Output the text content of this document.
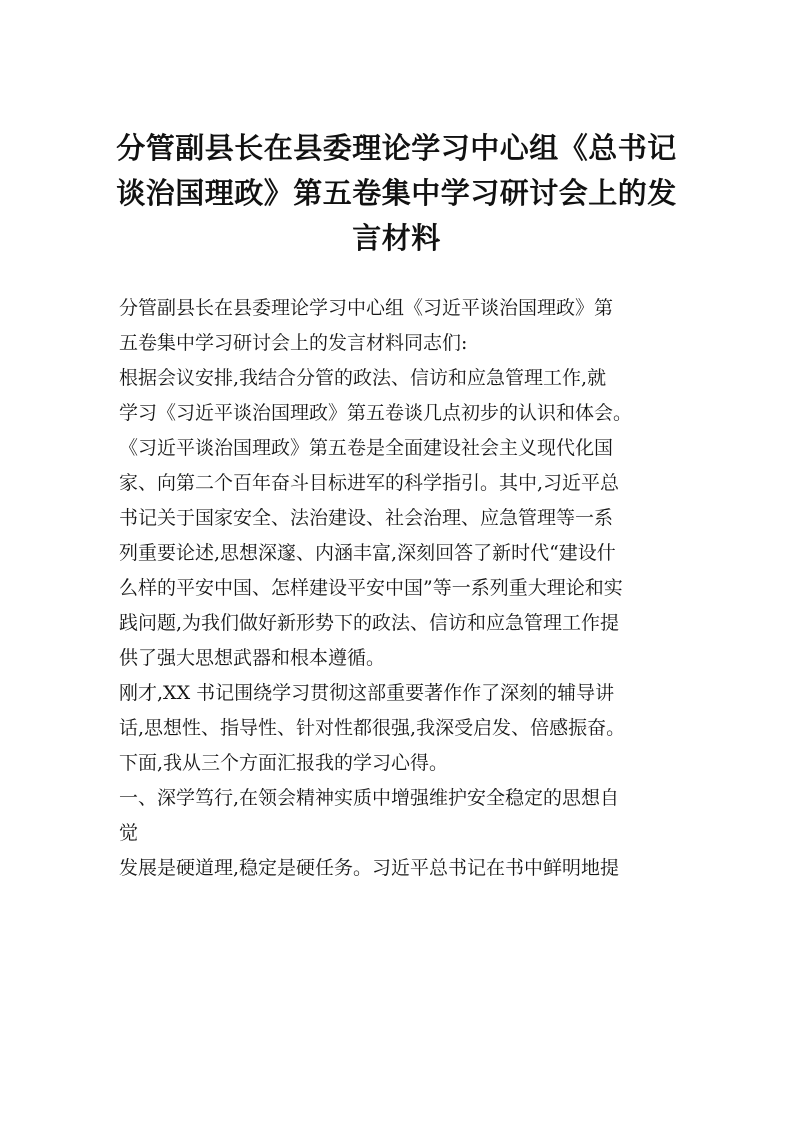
分管副县长在县委理论学习中心组《总书记
谈治国理政》第五卷集中学习研讨会上的发
言材料
分管副县长在县委理论学习中心组《习近平谈治国理政》第
五卷集中学习研讨会上的发言材料同志们:
根据会议安排,我结合分管的政法、信访和应急管理工作,就
学习《习近平谈治国理政》第五卷谈几点初步的认识和体会。
《习近平谈治国理政》第五卷是全面建设社会主义现代化国
家、向第二个百年奋斗目标进军的科学指引。其中,习近平总
书记关于国家安全、法治建设、社会治理、应急管理等一系
列重要论述,思想深邃、内涵丰富,深刻回答了新时代“建设什
么样的平安中国、怎样建设平安中国”等一系列重大理论和实
践问题,为我们做好新形势下的政法、信访和应急管理工作提
供了强大思想武器和根本遵循。
刚才,XX 书记围绕学习贯彻这部重要著作作了深刻的辅导讲
话,思想性、指导性、针对性都很强,我深受启发、倍感振奋。
下面,我从三个方面汇报我的学习心得。
一、深学笃行,在领会精神实质中增强维护安全稳定的思想自
觉
发展是硬道理,稳定是硬任务。习近平总书记在书中鲜明地提
